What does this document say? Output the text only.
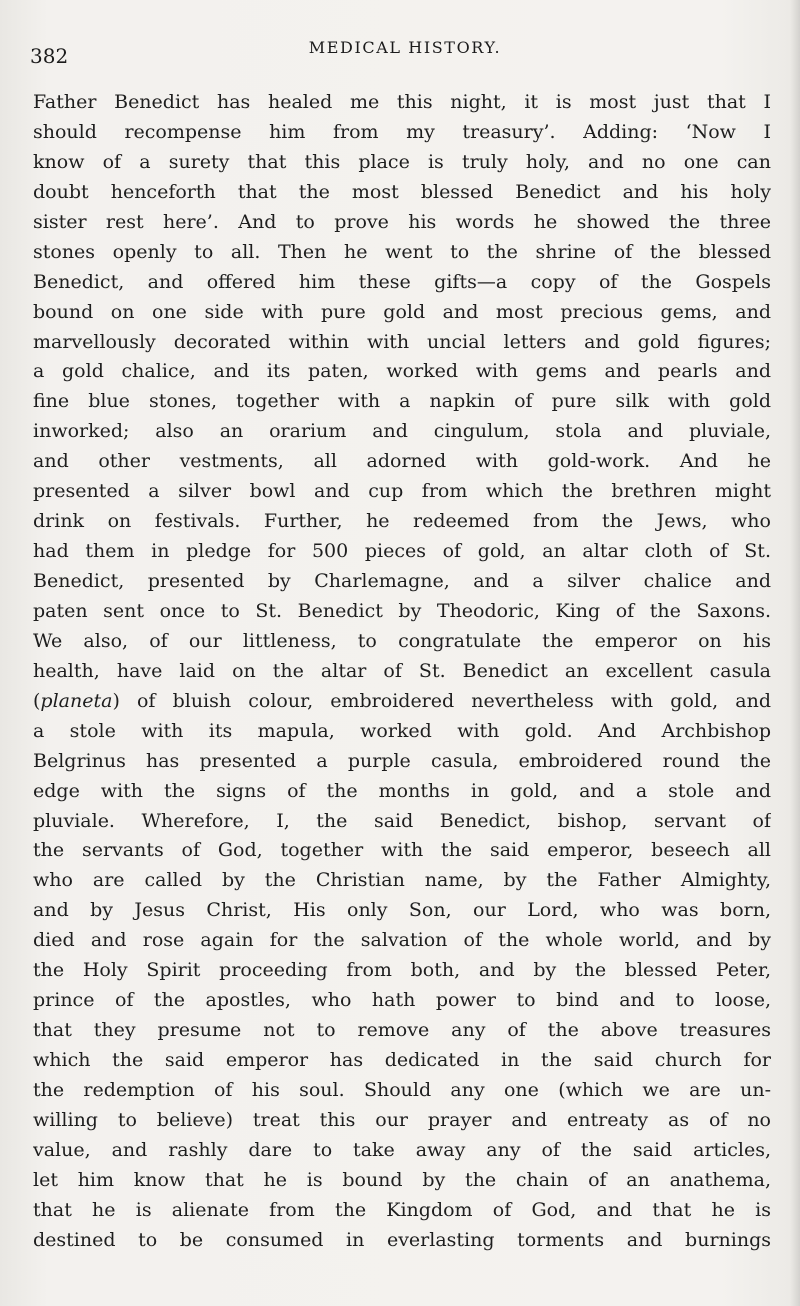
382	MEDICAL HISTORY.
Father Benedict has healed me this night, it is most just that I
should recompense him from my treasury’. Adding: ‘Now I
know of a surety that this place is truly holy, and no one can
doubt henceforth that the most blessed Benedict and his holy
sister rest here’. And to prove his words he showed the three
stones openly to all. Then he went to the shrine of the blessed
Benedict, and offered him these gifts—a copy of the Gospels
bound on one side with pure gold and most precious gems, and
marvellously decorated within with uncial letters and gold figures;
a gold chalice, and its paten, worked with gems and pearls and
fine blue stones, together with a napkin of pure silk with gold
inworked; also an orarium and cingulum, stola and pluviale,
and other vestments, all adorned with gold-work. And he
presented a silver bowl and cup from which the brethren might
drink on festivals. Further, he redeemed from the Jews, who
had them in pledge for 500 pieces of gold, an altar cloth of St.
Benedict, presented by Charlemagne, and a silver chalice and
paten sent once to St. Benedict by Theodoric, King of the Saxons.
We also, of our littleness, to congratulate the emperor on his
health, have laid on the altar of St. Benedict an excellent casula
(planeta) of bluish colour, embroidered nevertheless with gold, and
a stole with its mapula, worked with gold. And Archbishop
Belgrinus has presented a purple casula, embroidered round the
edge with the signs of the months in gold, and a stole and
pluviale. Wherefore, I, the said Benedict, bishop, servant of
the servants of God, together with the said emperor, beseech all
who are called by the Christian name, by the Father Almighty,
and by Jesus Christ, His only Son, our Lord, who was born,
died and rose again for the salvation of the whole world, and by
the Holy Spirit proceeding from both, and by the blessed Peter,
prince of the apostles, who hath power to bind and to loose,
that they presume not to remove any of the above treasures
which the said emperor has dedicated in the said church for
the redemption of his soul. Should any one (which we are un-
willing to believe) treat this our prayer and entreaty as of no
value, and rashly dare to take away any of the said articles,
let him know that he is bound by the chain of an anathema,
that he is alienate from the Kingdom of God, and that he is
destined to be consumed in everlasting torments and burnings
